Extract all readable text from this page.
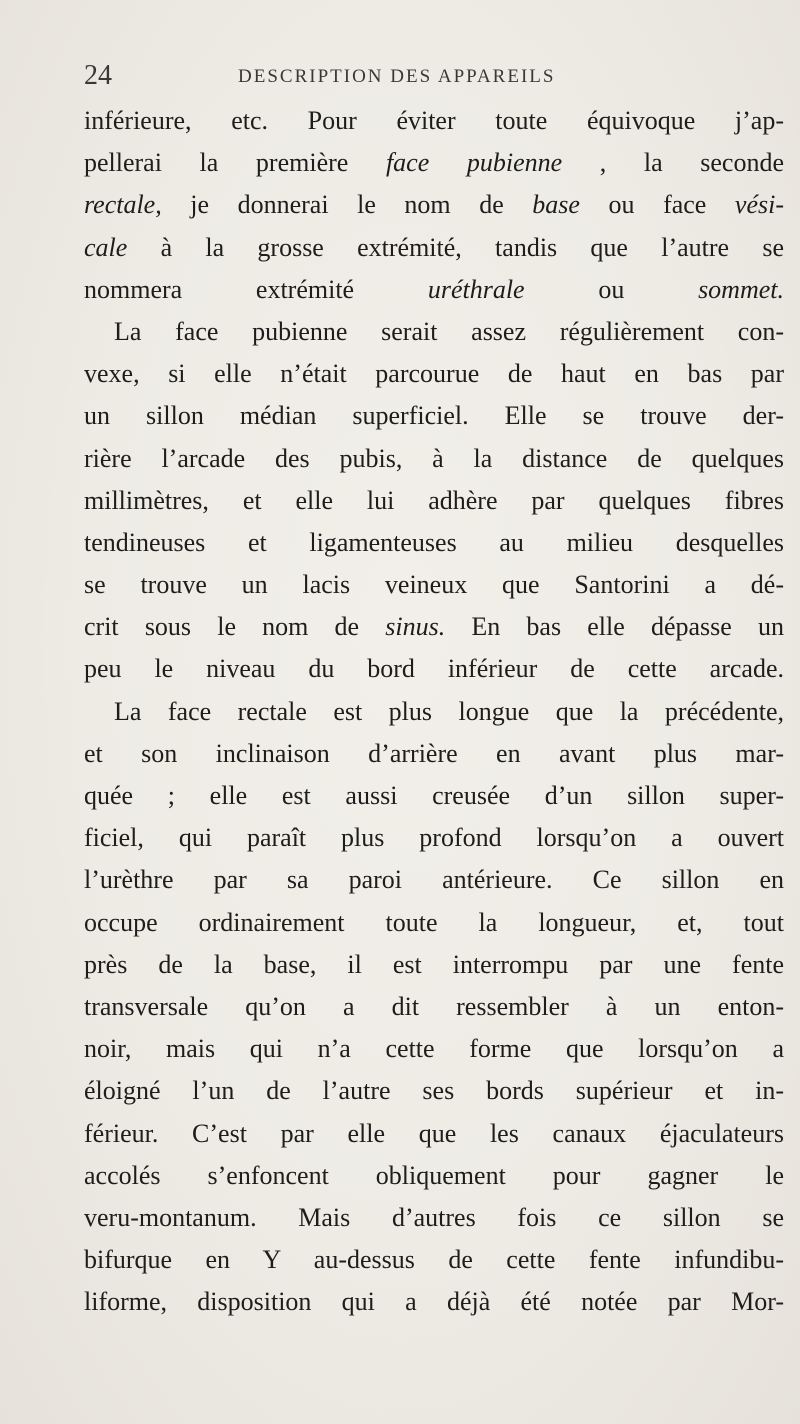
24	DESCRIPTION DES APPAREILS
inférieure, etc. Pour éviter toute équivoque j’ap-
pellerai la première face pubienne , la seconde
rectale, je donnerai le nom de base ou face vési-
cale à la grosse extrémité, tandis que l’autre se
nommera extrémité uréthrale ou sommet.
La face pubienne serait assez régulièrement con-
vexe, si elle n’était parcourue de haut en bas par
un sillon médian superficiel. Elle se trouve der-
rière l’arcade des pubis, à la distance de quelques
millimètres, et elle lui adhère par quelques fibres
tendineuses et ligamenteuses au milieu desquelles
se trouve un lacis veineux que Santorini a dé-
crit sous le nom de sinus. En bas elle dépasse un
peu le niveau du bord inférieur de cette arcade.
La face rectale est plus longue que la précédente,
et son inclinaison d’arrière en avant plus mar-
quée ; elle est aussi creusée d’un sillon super-
ficiel, qui paraît plus profond lorsqu’on a ouvert
l’urèthre par sa paroi antérieure. Ce sillon en
occupe ordinairement toute la longueur, et, tout
près de la base, il est interrompu par une fente
transversale qu’on a dit ressembler à un enton-
noir, mais qui n’a cette forme que lorsqu’on a
éloigné l’un de l’autre ses bords supérieur et in-
férieur. C’est par elle que les canaux éjaculateurs
accolés s’enfoncent obliquement pour gagner le
veru-montanum. Mais d’autres fois ce sillon se
bifurque en Y au-dessus de cette fente infundibu-
liforme, disposition qui a déjà été notée par Mor-
